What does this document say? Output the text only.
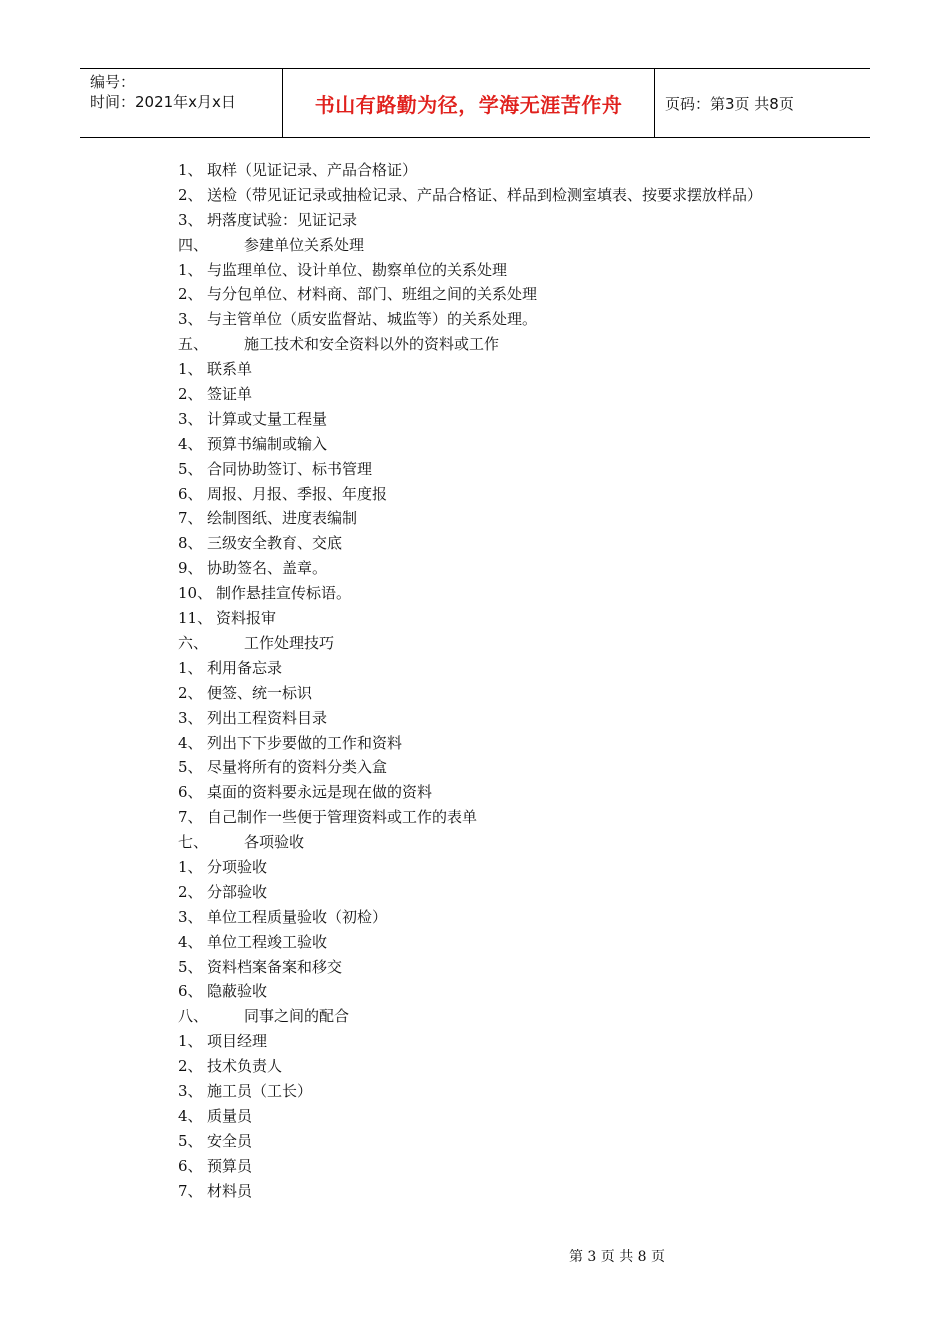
编号：
时间：2021年x月x日	书山有路勤为径，学海无涯苦作舟	页码：第3页 共8页
1、 取样（见证记录、产品合格证）
2、 送检（带见证记录或抽检记录、产品合格证、样品到检测室填表、按要求摆放样品）
3、 坍落度试验：见证记录
四、 参建单位关系处理
1、 与监理单位、设计单位、勘察单位的关系处理
2、 与分包单位、材料商、部门、班组之间的关系处理
3、 与主管单位（质安监督站、城监等）的关系处理。
五、 施工技术和安全资料以外的资料或工作
1、 联系单
2、 签证单
3、 计算或丈量工程量
4、 预算书编制或输入
5、 合同协助签订、标书管理
6、 周报、月报、季报、年度报
7、 绘制图纸、进度表编制
8、 三级安全教育、交底
9、 协助签名、盖章。
10、 制作悬挂宣传标语。
11、 资料报审
六、 工作处理技巧
1、 利用备忘录
2、 便签、统一标识
3、 列出工程资料目录
4、 列出下下步要做的工作和资料
5、 尽量将所有的资料分类入盒
6、 桌面的资料要永远是现在做的资料
7、 自己制作一些便于管理资料或工作的表单
七、 各项验收
1、 分项验收
2、 分部验收
3、 单位工程质量验收（初检）
4、 单位工程竣工验收
5、 资料档案备案和移交
6、 隐蔽验收
八、 同事之间的配合
1、 项目经理
2、 技术负责人
3、 施工员（工长）
4、 质量员
5、 安全员
6、 预算员
7、 材料员
第 3 页 共 8 页
